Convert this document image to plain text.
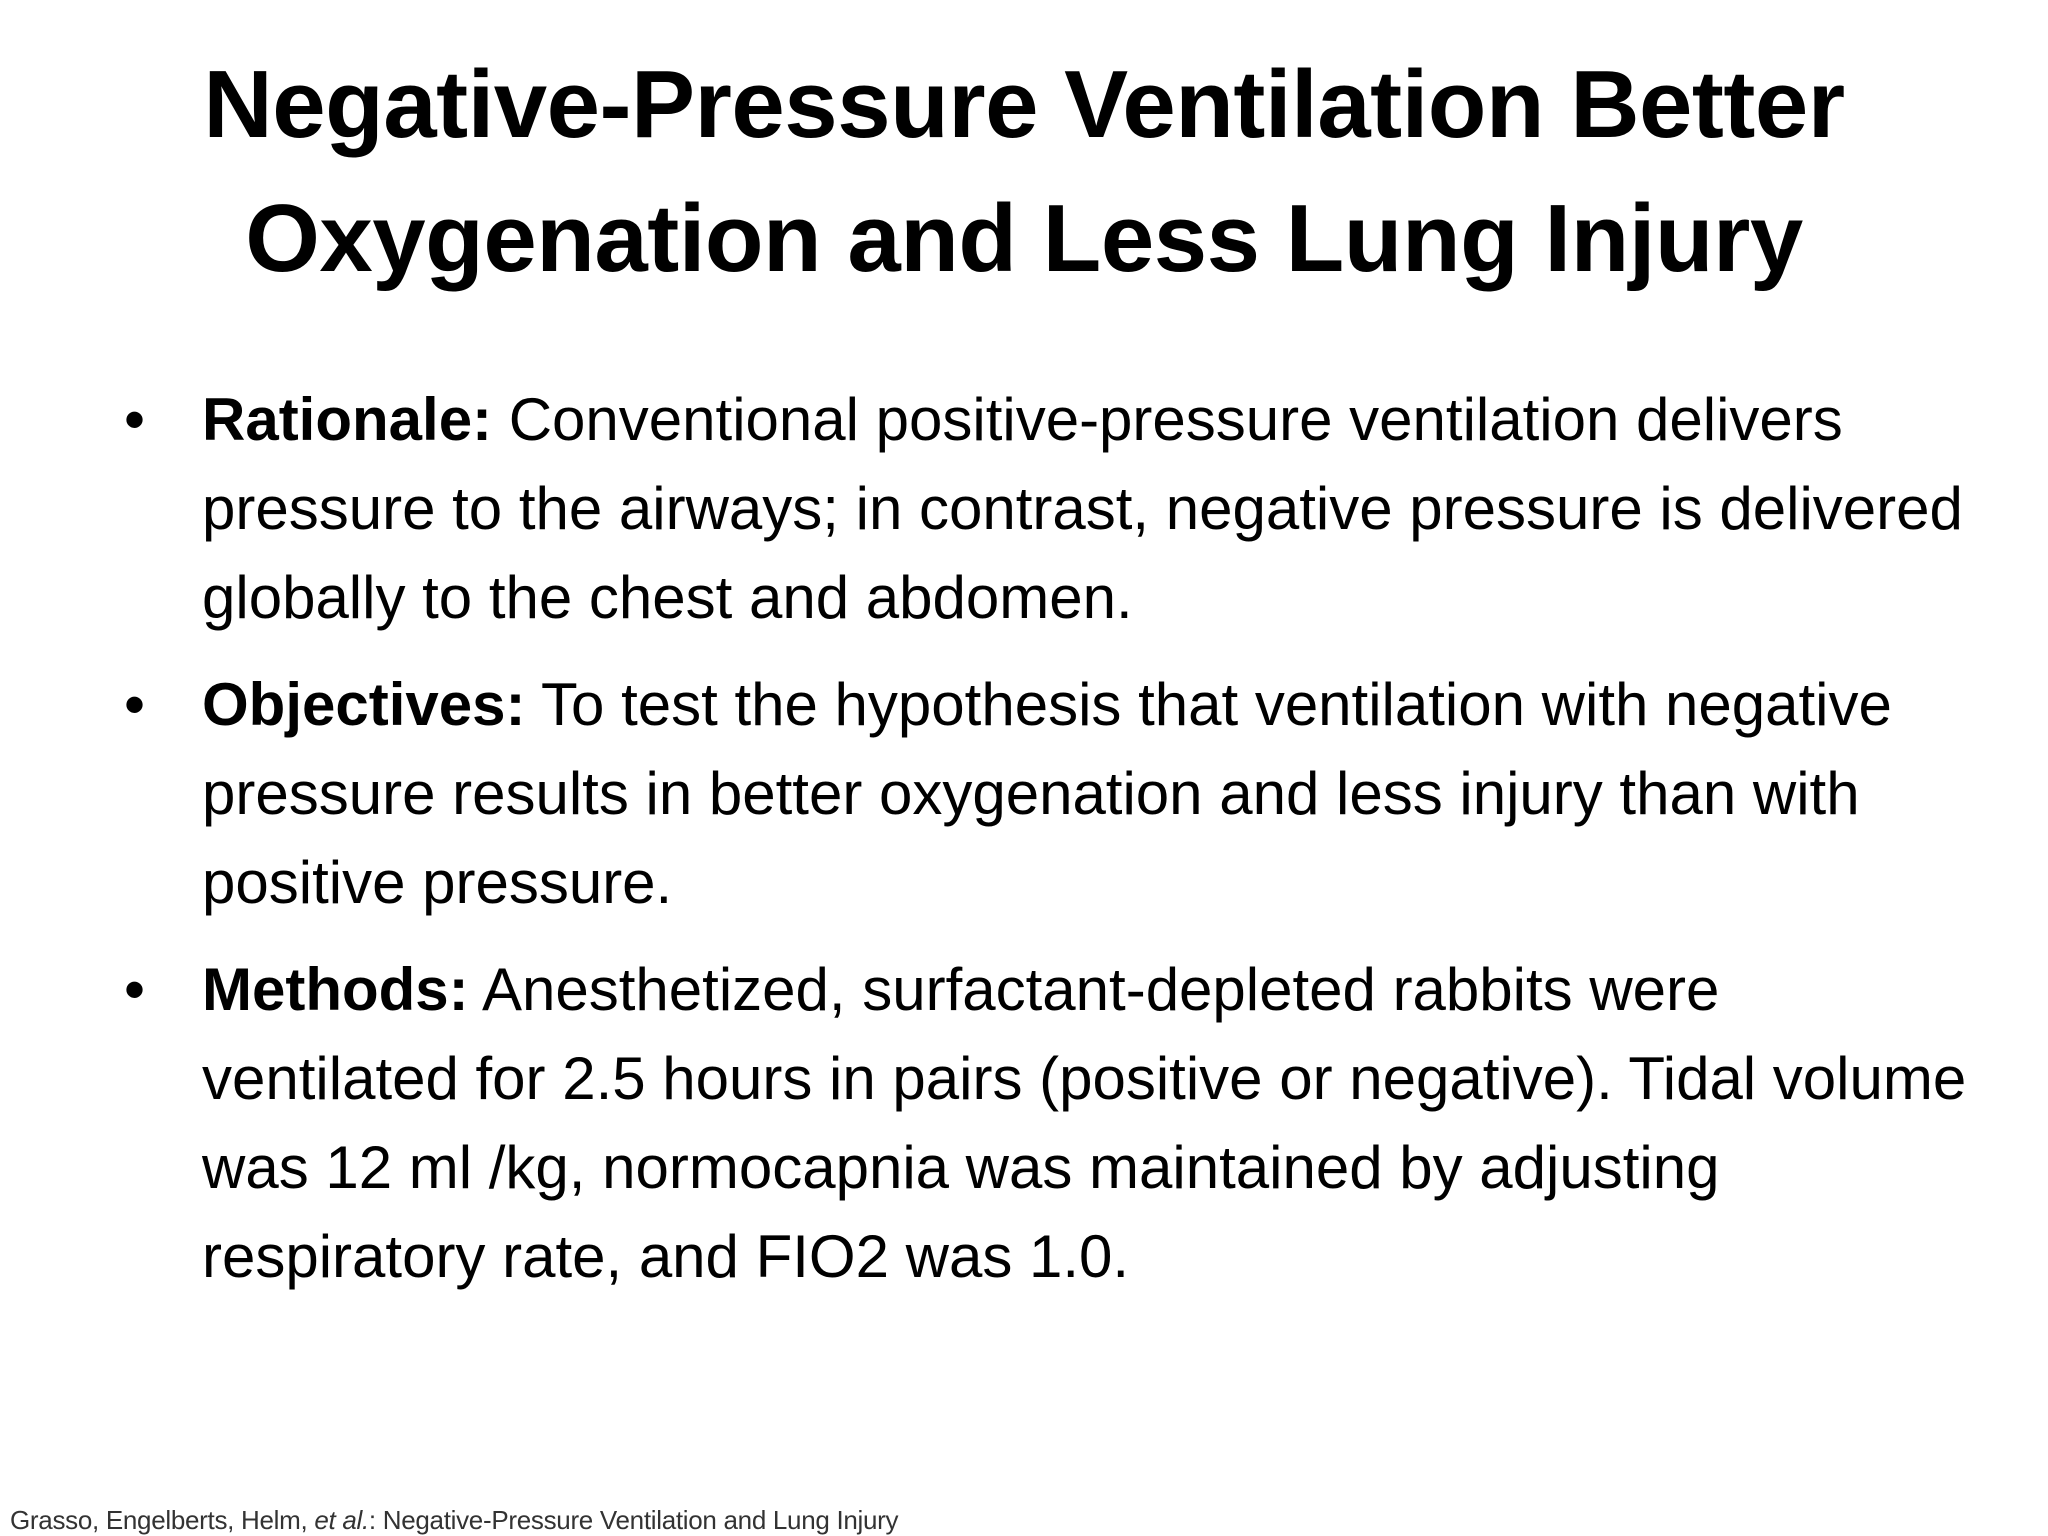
Negative-Pressure Ventilation Better
Oxygenation and Less Lung Injury
• Rationale: Conventional positive-pressure ventilation delivers pressure to the airways; in contrast, negative pressure is delivered globally to the chest and abdomen.
• Objectives: To test the hypothesis that ventilation with negative pressure results in better oxygenation and less injury than with positive pressure.
• Methods: Anesthetized, surfactant-depleted rabbits were ventilated for 2.5 hours in pairs (positive or negative). Tidal volume was 12 ml /kg, normocapnia was maintained by adjusting respiratory rate, and FIO2 was 1.0.
Grasso, Engelberts, Helm, et al.: Negative-Pressure Ventilation and Lung Injury
